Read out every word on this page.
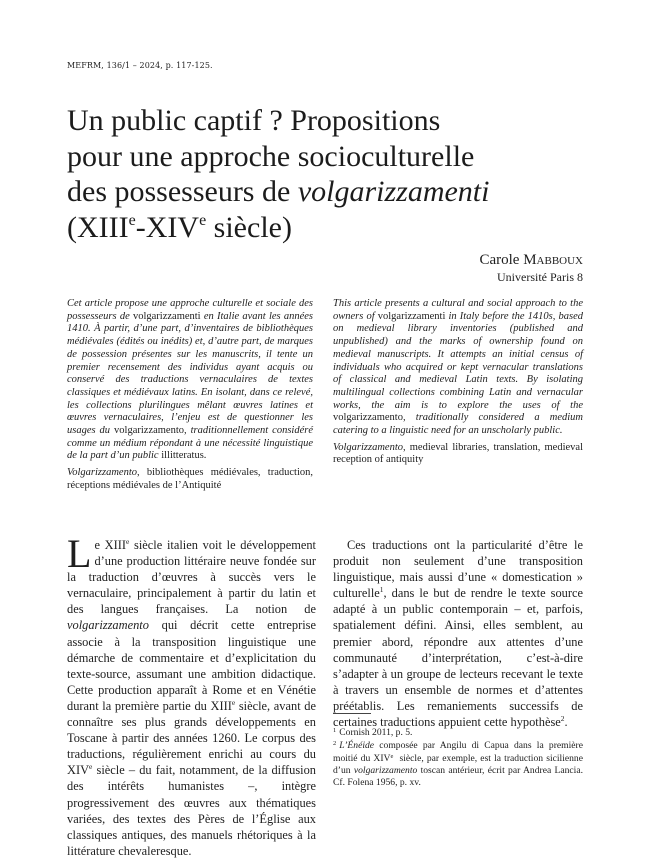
MEFRM, 136/1 – 2024, p. 117-125.
Un public captif ? Propositions
pour une approche socioculturelle
des possesseurs de volgarizzamenti
(XIIIe-XIVe siècle)
Carole Mabboux
Université Paris 8
Cet article propose une approche culturelle et sociale des possesseurs de volgarizzamenti en Italie avant les années 1410. À partir, d’une part, d’inventaires de bibliothèques médiévales (édités ou inédits) et, d’autre part, de marques de possession présentes sur les manuscrits, il tente un premier recensement des individus ayant acquis ou conservé des traductions vernaculaires de textes classiques et médiévaux latins. En isolant, dans ce relevé, les collections plurilingues mêlant œuvres latines et œuvres vernaculaires, l’enjeu est de questionner les usages du volgarizzamento, traditionnellement considéré comme un médium répondant à une nécessité linguistique de la part d’un public illitteratus.
Volgarizzamento, bibliothèques médiévales, traduction, réceptions médiévales de l’Antiquité
This article presents a cultural and social approach to the owners of volgarizzamenti in Italy before the 1410s, based on medieval library inventories (published and unpublished) and the marks of ownership found on medieval manuscripts. It attempts an initial census of individuals who acquired or kept vernacular translations of classical and medieval Latin texts. By isolating multilingual collections combining Latin and vernacular works, the aim is to explore the uses of the volgarizzamento, traditionally considered a medium catering to a linguistic need for an unscholarly public.
Volgarizzamento, medieval libraries, translation, medieval reception of antiquity

Le XIIIe siècle italien voit le développement d’une production littéraire neuve fondée sur la traduction d’œuvres à succès vers le vernaculaire, principalement à partir du latin et des langues françaises. La notion de volgarizzamento qui décrit cette entreprise associe à la transposition linguistique une démarche de commentaire et d’explicitation du texte-source, assumant une ambition didactique. Cette production apparaît à Rome et en Vénétie durant la première partie du XIIIe siècle, avant de connaître ses plus grands développements en Toscane à partir des années 1260. Le corpus des traductions, régulièrement enrichi au cours du XIVe siècle – du fait, notamment, de la diffusion des intérêts humanistes –, intègre progressivement des œuvres aux thématiques variées, des textes des Pères de l’Église aux classiques antiques, des manuels rhétoriques à la littérature chevaleresque.

Ces traductions ont la particularité d’être le produit non seulement d’une transposition linguistique, mais aussi d’une « domestication » culturelle$^1$, dans le but de rendre le texte source adapté à un public contemporain – et, parfois, spatialement défini. Ainsi, elles semblent, au premier abord, répondre aux attentes d’une communauté d’interprétation, c’est-à-dire s’adapter à un groupe de lecteurs recevant le texte à travers un ensemble de normes et d’attentes préétablis. Les remaniements successifs de certaines traductions appuient cette hypothèse$^2$.

$^1$ Cornish 2011, p. 5.

$^2$ L’Énéide composée par Angilu di Capua dans la première moitié du XIVe siècle, par exemple, est la traduction sicilienne d’un volgarizzamento toscan antérieur, écrit par Andrea Lancia. Cf. Folena 1956, p. xv.
